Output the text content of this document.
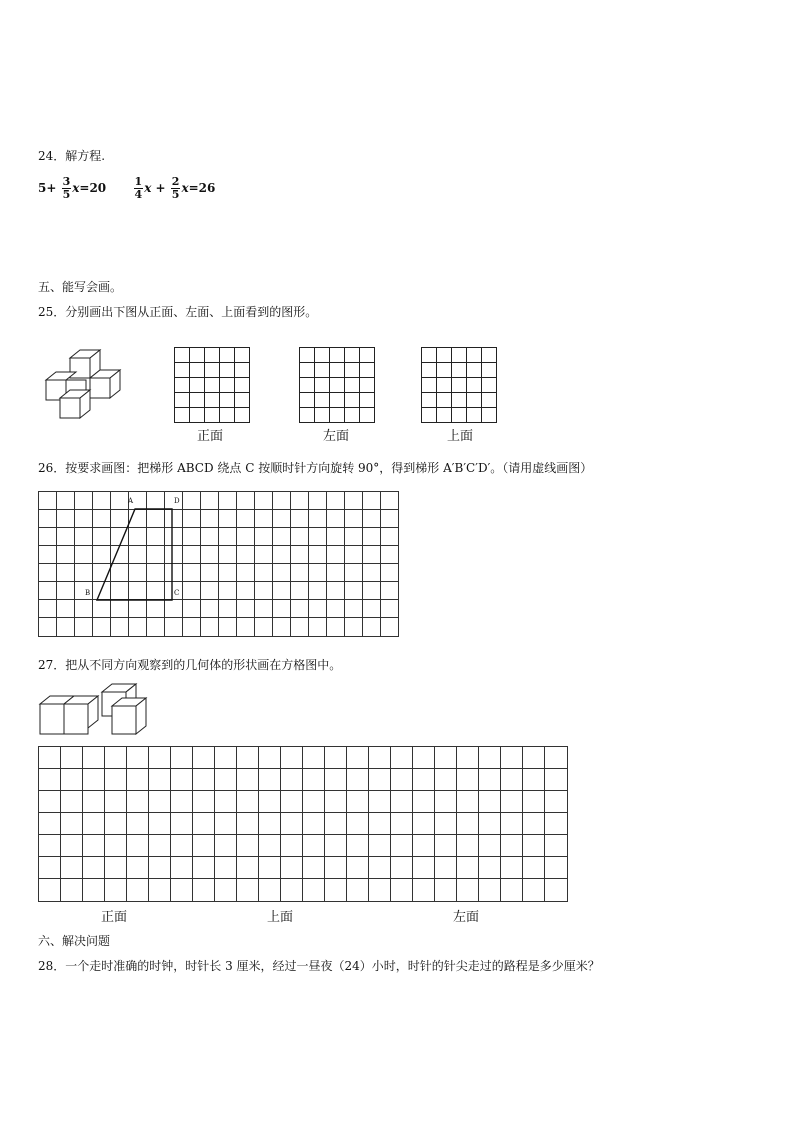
24．解方程.
$5+ \frac{3}{5} x=20 \frac{1}{4}$ $x + \frac{2}{5} x=26$
五、能写会画。
25．分别画出下图从正面、左面、上面看到的图形。
正面	左面	上面
26．按要求画图：把梯形 ABCD 绕点 C 按顺时针方向旋转 90°，得到梯形 A′B′C′D′。（请用虚线画图）
A	D
B	C
27．把从不同方向观察到的几何体的形状画在方格图中。
正面	上面	左面
六、解决问题
28．一个走时准确的时钟，时针长 3 厘米，经过一昼夜（24）小时，时针的针尖走过的路程是多少厘米？
